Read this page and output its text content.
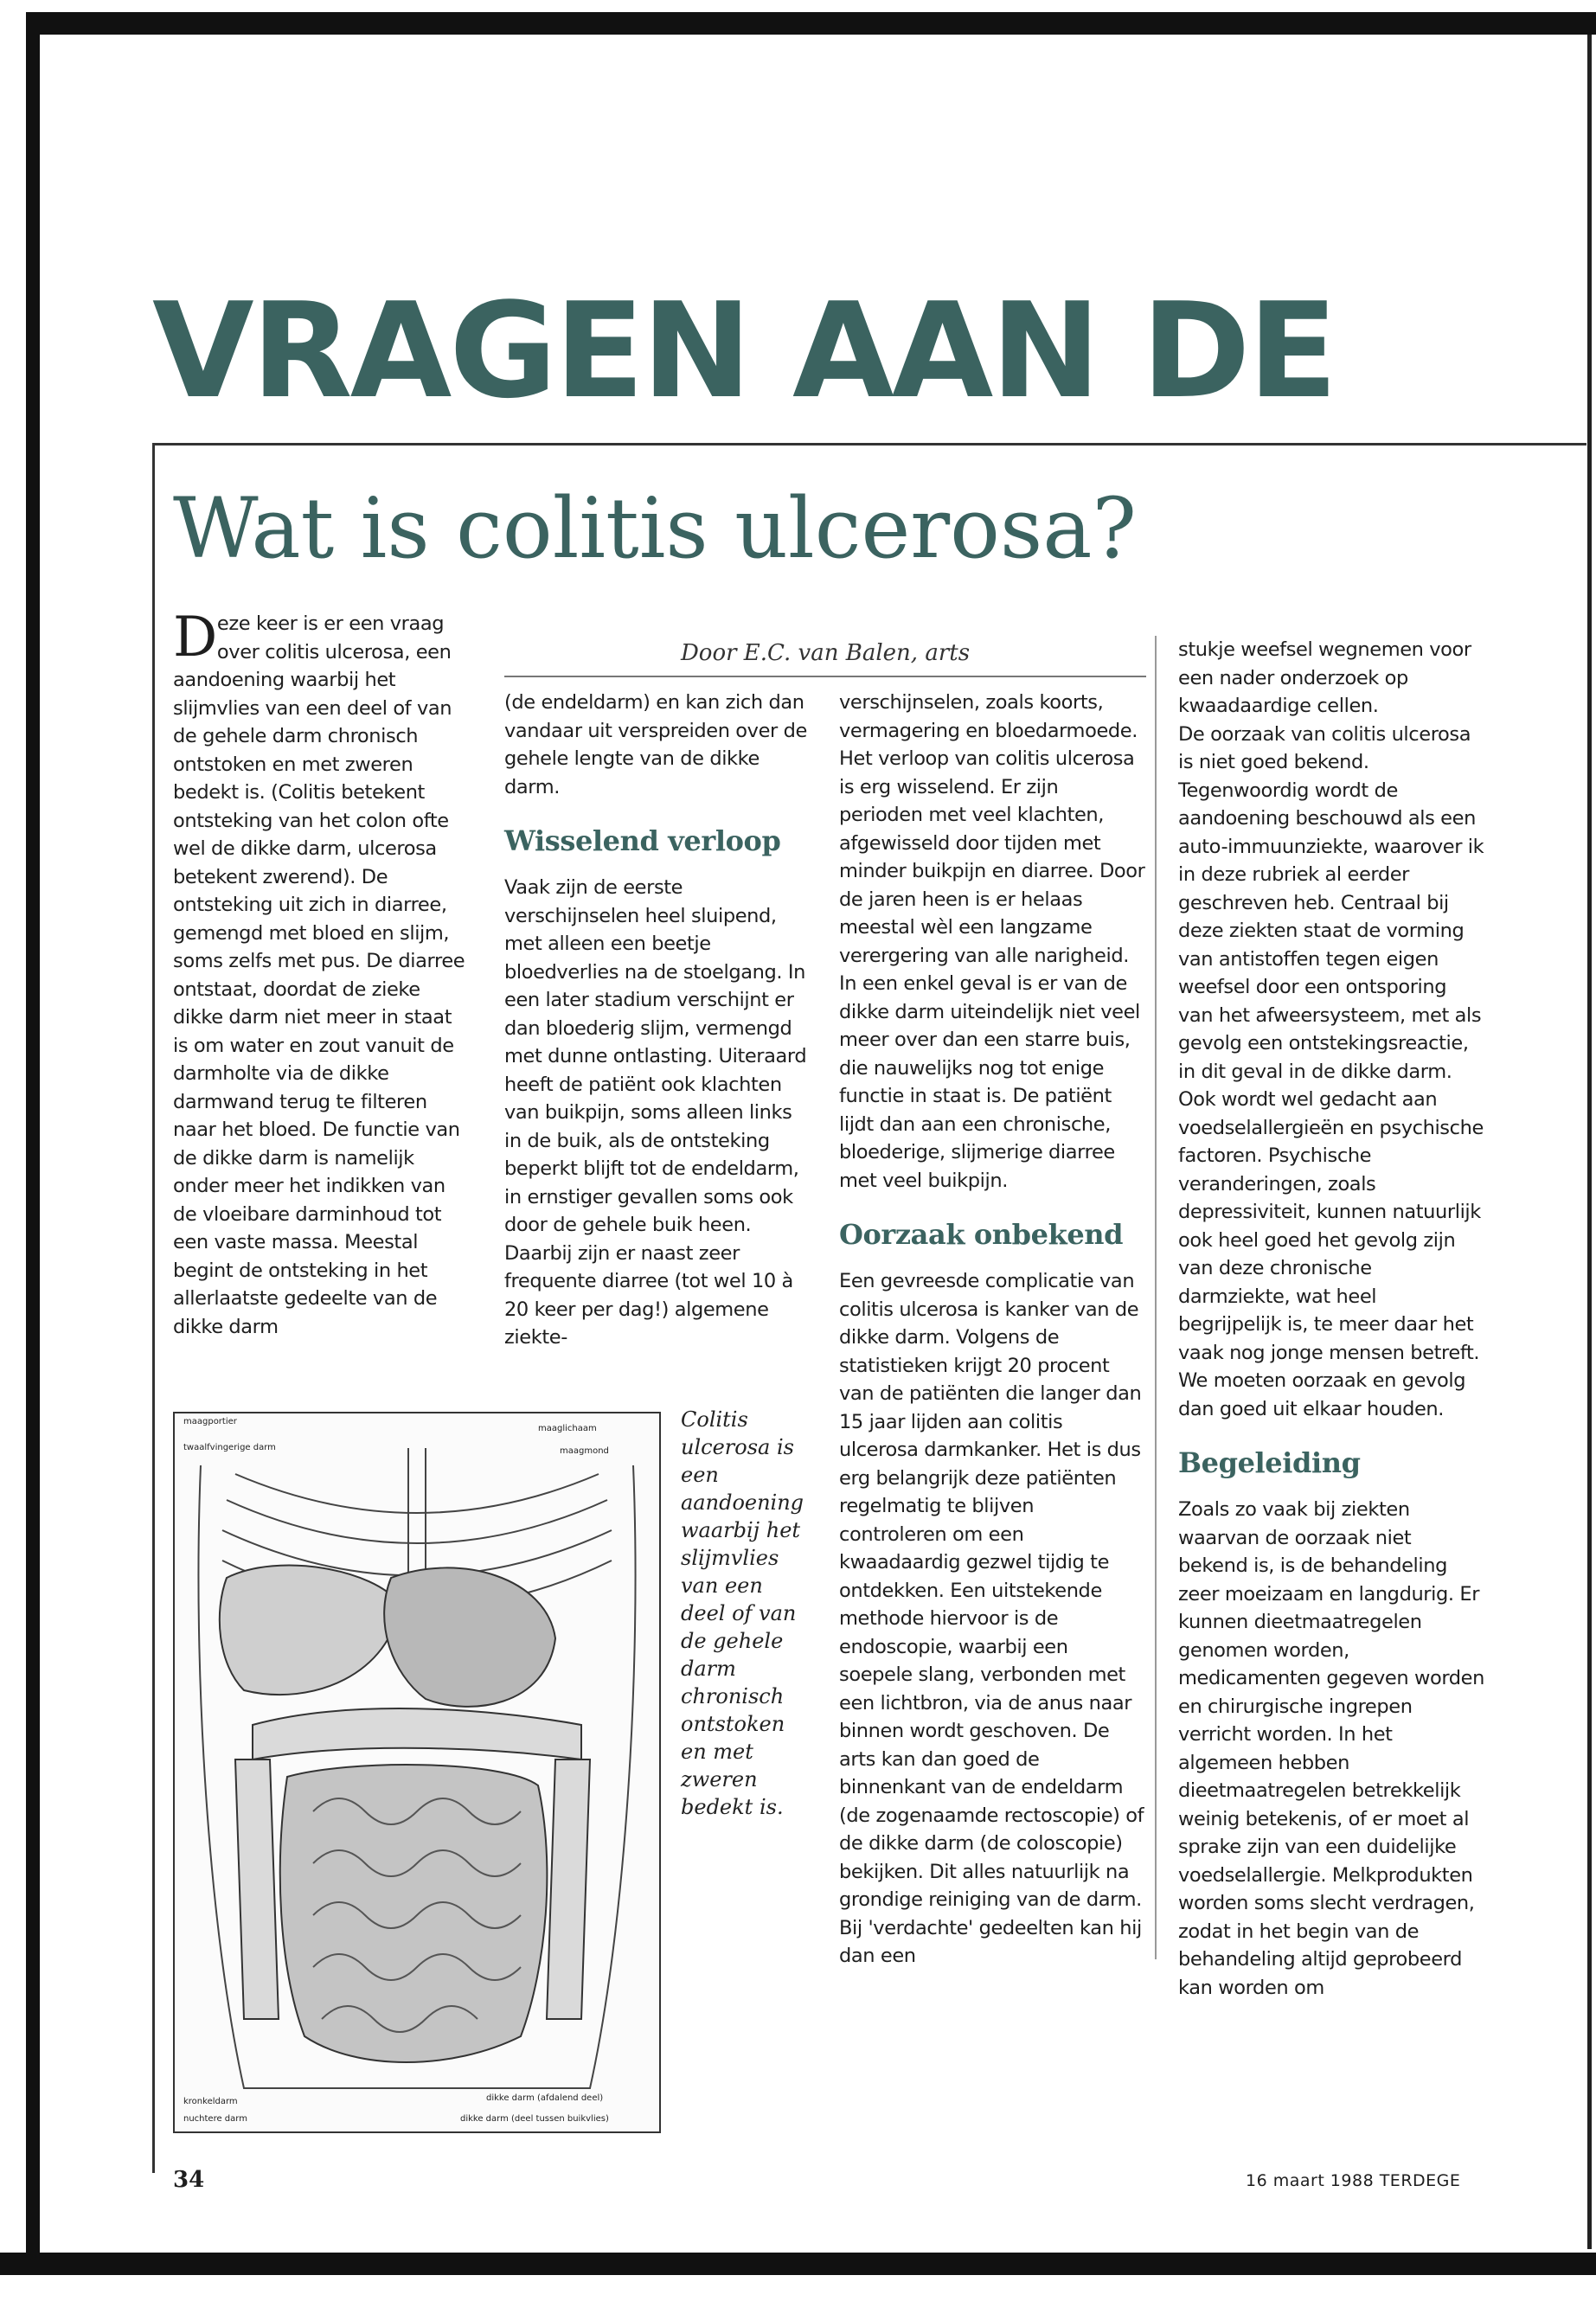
VRAGEN AAN DE
Wat is colitis ulcerosa?
Door E.C. van Balen, arts

Deze keer is er een vraag over colitis ulcerosa, een aandoening waarbij het slijmvlies van een deel of van de gehele darm chronisch ontstoken en met zweren bedekt is. (Colitis betekent ontsteking van het colon ofte wel de dikke darm, ulcerosa betekent zwerend). De ontsteking uit zich in diarree, gemengd met bloed en slijm, soms zelfs met pus. De diarree ontstaat, doordat de zieke dikke darm niet meer in staat is om water en zout vanuit de darmholte via de dikke darmwand terug te filteren naar het bloed. De functie van de dikke darm is namelijk onder meer het indikken van de vloeibare darminhoud tot een vaste massa. Meestal begint de ontsteking in het allerlaatste gedeelte van de dikke darm

(de endeldarm) en kan zich dan vandaar uit verspreiden over de gehele lengte van de dikke darm.

Wisselend verloop

Vaak zijn de eerste verschijnselen heel sluipend, met alleen een beetje bloedverlies na de stoelgang. In een later stadium verschijnt er dan bloederig slijm, vermengd met dunne ontlasting. Uiteraard heeft de patiënt ook klachten van buikpijn, soms alleen links in de buik, als de ontsteking beperkt blijft tot de endeldarm, in ernstiger gevallen soms ook door de gehele buik heen. Daarbij zijn er naast zeer frequente diarree (tot wel 10 à 20 keer per dag!) algemene ziekte-

verschijnselen, zoals koorts, vermagering en bloedarmoede.

Het verloop van colitis ulcerosa is erg wisselend. Er zijn perioden met veel klachten, afgewisseld door tijden met minder buikpijn en diarree. Door de jaren heen is er helaas meestal wèl een langzame verergering van alle narigheid. In een enkel geval is er van de dikke darm uiteindelijk niet veel meer over dan een starre buis, die nauwelijks nog tot enige functie in staat is. De patiënt lijdt dan aan een chronische, bloederige, slijmerige diarree met veel buikpijn.

Oorzaak onbekend

Een gevreesde complicatie van colitis ulcerosa is kanker van de dikke darm. Volgens de statistieken krijgt 20 procent van de patiënten die langer dan 15 jaar lijden aan colitis ulcerosa darmkanker. Het is dus erg belangrijk deze patiënten regelmatig te blijven controleren om een kwaadaardig gezwel tijdig te ontdekken. Een uitstekende methode hiervoor is de endoscopie, waarbij een soepele slang, verbonden met een lichtbron, via de anus naar binnen wordt geschoven. De arts kan dan goed de binnenkant van de endeldarm (de zogenaamde rectoscopie) of de dikke darm (de coloscopie) bekijken. Dit alles natuurlijk na grondige reiniging van de darm. Bij 'verdachte' gedeelten kan hij dan een

stukje weefsel wegnemen voor een nader onderzoek op kwaadaardige cellen.

De oorzaak van colitis ulcerosa is niet goed bekend. Tegenwoordig wordt de aandoening beschouwd als een auto-immuunziekte, waarover ik in deze rubriek al eerder geschreven heb. Centraal bij deze ziekten staat de vorming van antistoffen tegen eigen weefsel door een ontsporing van het afweersysteem, met als gevolg een ontstekingsreactie, in dit geval in de dikke darm. Ook wordt wel gedacht aan voedselallergieën en psychische factoren. Psychische veranderingen, zoals depressiviteit, kunnen natuurlijk ook heel goed het gevolg zijn van deze chronische darmziekte, wat heel begrijpelijk is, te meer daar het vaak nog jonge mensen betreft. We moeten oorzaak en gevolg dan goed uit elkaar houden.

Begeleiding

Zoals zo vaak bij ziekten waarvan de oorzaak niet bekend is, is de behandeling zeer moeizaam en langdurig. Er kunnen dieetmaatregelen genomen worden, medicamenten gegeven worden en chirurgische ingrepen verricht worden. In het algemeen hebben dieetmaatregelen betrekkelijk weinig betekenis, of er moet al sprake zijn van een duidelijke voedselallergie. Melkprodukten worden soms slecht verdragen, zodat in het begin van de behandeling altijd geprobeerd kan worden om

maagportier
twaalfvingerige darm
maaglichaam
maagmond
kronkeldarm
nuchtere darm
dikke darm (afdalend deel)
dikke darm (deel tussen buikvlies)
Colitis ulcerosa is een aandoening waarbij het slijmvlies van een deel of van de gehele darm chronisch ontstoken en met zweren bedekt is.
34	16 maart 1988 TERDEGE
